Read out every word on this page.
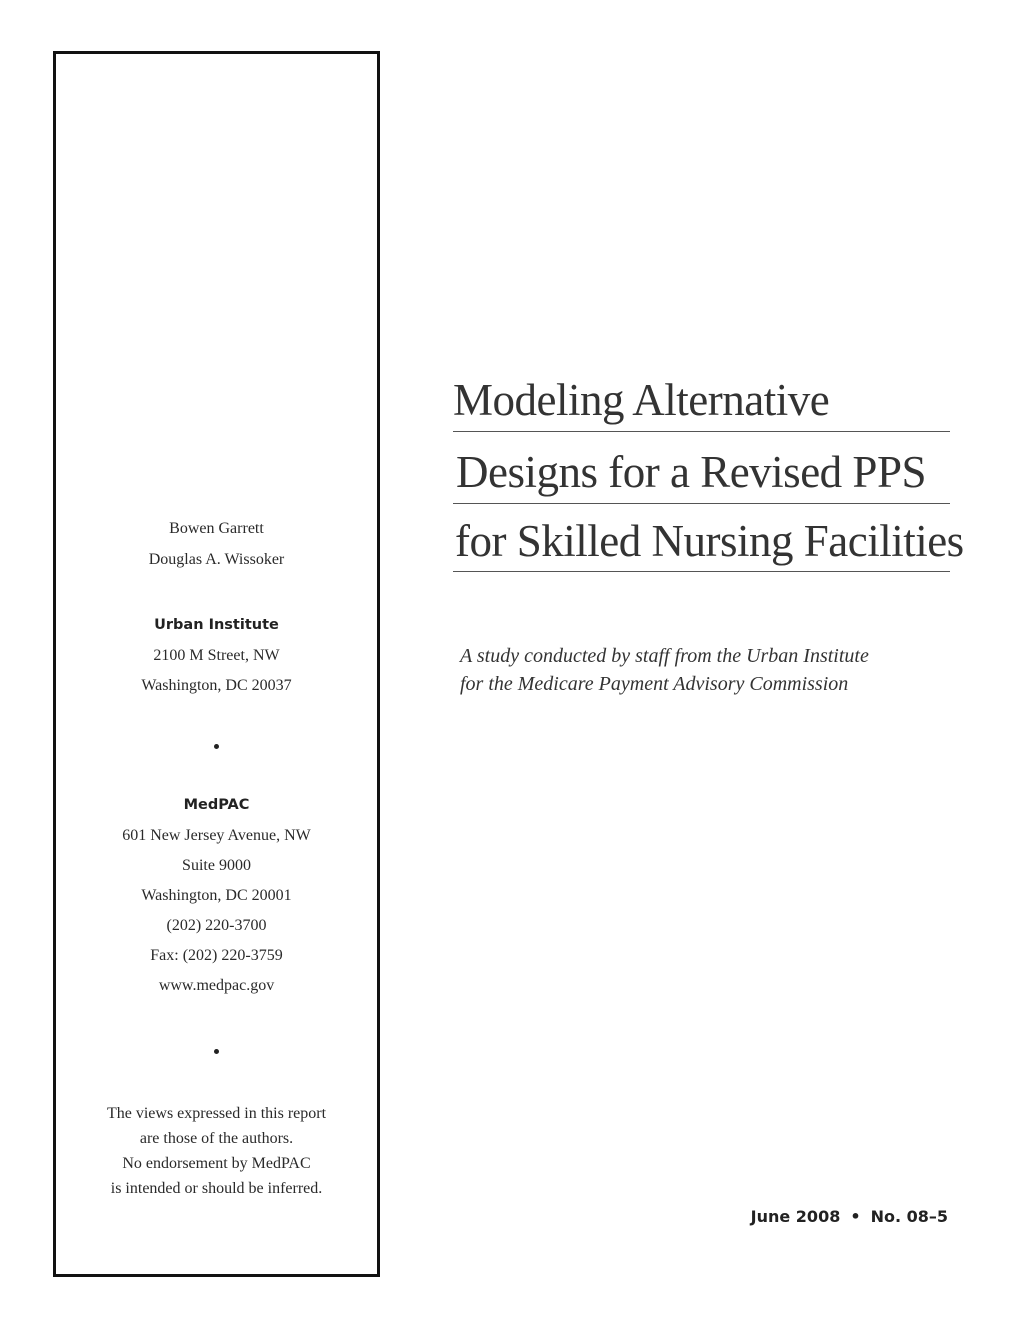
Bowen Garrett
Douglas A. Wissoker
Urban Institute
2100 M Street, NW
Washington, DC 20037
MedPAC
601 New Jersey Avenue, NW
Suite 9000
Washington, DC 20001
(202) 220-3700
Fax: (202) 220-3759
www.medpac.gov
The views expressed in this report
are those of the authors.
No endorsement by MedPAC
is intended or should be inferred.
Modeling Alternative
Designs for a Revised PPS
for Skilled Nursing Facilities
A study conducted by staff from the Urban Institute
for the Medicare Payment Advisory Commission
June 2008 • No. 08–5
